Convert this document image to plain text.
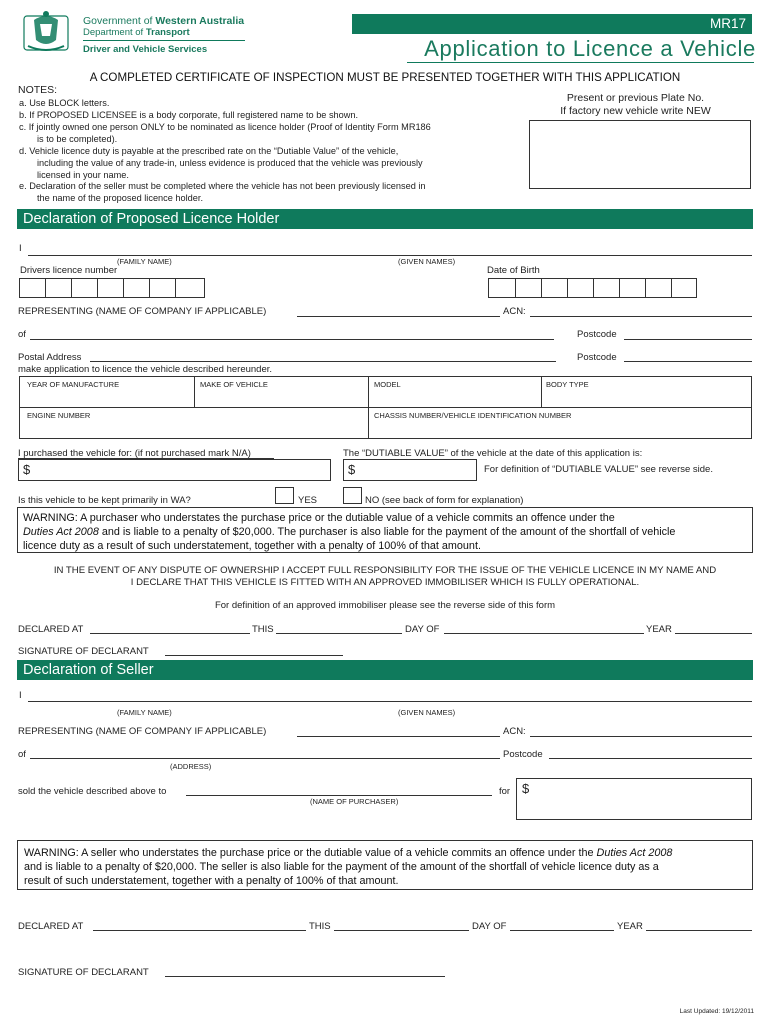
Government of Western Australia
Department of Transport
Driver and Vehicle Services
MR17
Application to Licence a Vehicle
A COMPLETED CERTIFICATE OF INSPECTION MUST BE PRESENTED TOGETHER WITH THIS APPLICATION
NOTES:
a. Use BLOCK letters.
b. If PROPOSED LICENSEE is a body corporate, full registered name to be shown.
c. If jointly owned one person ONLY to be nominated as licence holder (Proof of Identity Form MR186
is to be completed).
d. Vehicle licence duty is payable at the prescribed rate on the “Dutiable Value” of the vehicle,
including the value of any trade-in, unless evidence is produced that the vehicle was previously
licensed in your name.
e. Declaration of the seller must be completed where the vehicle has not been previously licensed in
the name of the proposed licence holder.
Present or previous Plate No.
If factory new vehicle write NEW
Declaration of Proposed Licence Holder
I
(FAMILY NAME)	(GIVEN NAMES)
Drivers licence number	Date of Birth
REPRESENTING (NAME OF COMPANY IF APPLICABLE)	ACN:
of	Postcode
Postal Address	Postcode
make application to licence the vehicle described hereunder.
YEAR OF MANUFACTURE	MAKE OF VEHICLE	MODEL	BODY TYPE
ENGINE NUMBER	CHASSIS NUMBER/VEHICLE IDENTIFICATION NUMBER
I purchased the vehicle for: (if not purchased mark N/A)
$
The “DUTIABLE VALUE” of the vehicle at the date of this application is:
$	For definition of “DUTIABLE VALUE” see reverse side.
Is this vehicle to be kept primarily in WA?	YES	NO (see back of form for explanation)
WARNING: A purchaser who understates the purchase price or the dutiable value of a vehicle commits an offence under the
Duties Act 2008 and is liable to a penalty of $20,000. The purchaser is also liable for the payment of the amount of the shortfall of vehicle
licence duty as a result of such understatement, together with a penalty of 100% of that amount.
IN THE EVENT OF ANY DISPUTE OF OWNERSHIP I ACCEPT FULL RESPONSIBILITY FOR THE ISSUE OF THE VEHICLE LICENCE IN MY NAME AND
I DECLARE THAT THIS VEHICLE IS FITTED WITH AN APPROVED IMMOBILISER WHICH IS FULLY OPERATIONAL.
For definition of an approved immobiliser please see the reverse side of this form
DECLARED AT	THIS	DAY OF	YEAR
SIGNATURE OF DECLARANT
Declaration of Seller
I
(FAMILY NAME)	(GIVEN NAMES)
REPRESENTING (NAME OF COMPANY IF APPLICABLE)	ACN:
of	Postcode
(ADDRESS)
sold the vehicle described above to
(NAME OF PURCHASER)
for $
WARNING: A seller who understates the purchase price or the dutiable value of a vehicle commits an offence under the Duties Act 2008
and is liable to a penalty of $20,000. The seller is also liable for the payment of the amount of the shortfall of vehicle licence duty as a
result of such understatement, together with a penalty of 100% of that amount.
DECLARED AT	THIS	DAY OF	YEAR
SIGNATURE OF DECLARANT
Last Updated: 19/12/2011
